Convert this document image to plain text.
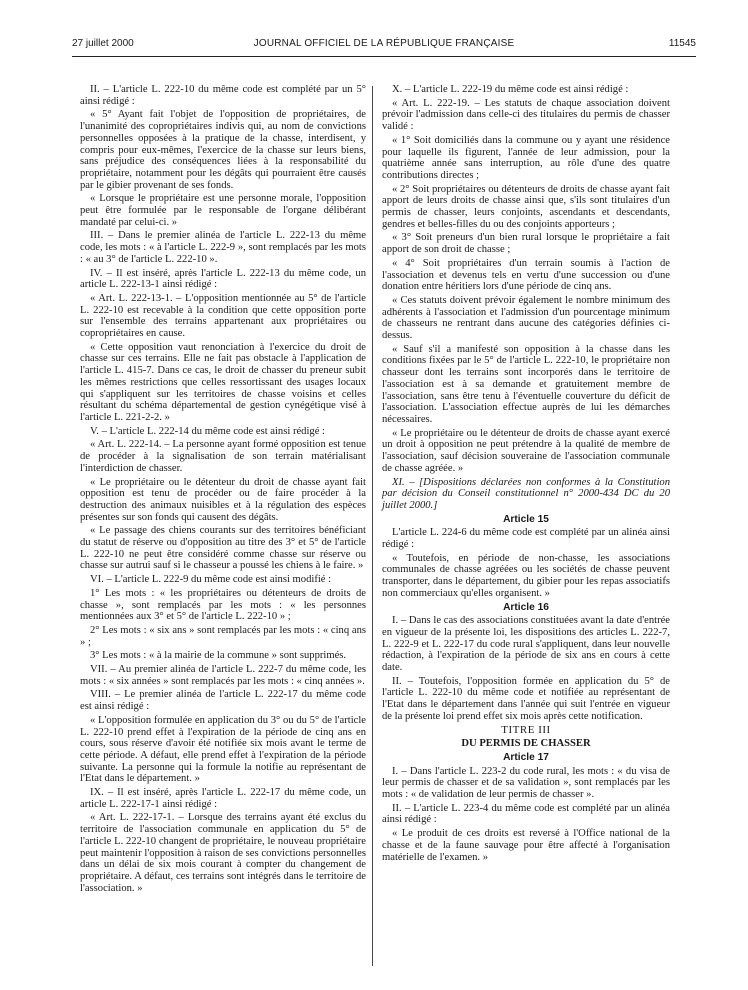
27 juillet 2000	JOURNAL OFFICIEL DE LA RÉPUBLIQUE FRANÇAISE	11545

II. – L'article L. 222-10 du même code est complété par un 5° ainsi rédigé :

« 5° Ayant fait l'objet de l'opposition de propriétaires, de l'unanimité des copropriétaires indivis qui, au nom de convictions personnelles opposées à la pratique de la chasse, interdisent, y compris pour eux-mêmes, l'exercice de la chasse sur leurs biens, sans préjudice des conséquences liées à la responsabilité du propriétaire, notamment pour les dégâts qui pourraient être causés par le gibier provenant de ses fonds.

« Lorsque le propriétaire est une personne morale, l'opposition peut être formulée par le responsable de l'organe délibérant mandaté par celui-ci. »

III. – Dans le premier alinéa de l'article L. 222-13 du même code, les mots : « à l'article L. 222-9 », sont remplacés par les mots : « au 3° de l'article L. 222-10 ».

IV. – Il est inséré, après l'article L. 222-13 du même code, un article L. 222-13-1 ainsi rédigé :

« Art. L. 222-13-1. – L'opposition mentionnée au 5° de l'article L. 222-10 est recevable à la condition que cette opposition porte sur l'ensemble des terrains appartenant aux propriétaires ou copropriétaires en cause.

« Cette opposition vaut renonciation à l'exercice du droit de chasse sur ces terrains. Elle ne fait pas obstacle à l'application de l'article L. 415-7. Dans ce cas, le droit de chasser du preneur subit les mêmes restrictions que celles ressortissant des usages locaux qui s'appliquent sur les territoires de chasse voisins et celles résultant du schéma départemental de gestion cynégétique visé à l'article L. 221-2-2. »

V. – L'article L. 222-14 du même code est ainsi rédigé :

« Art. L. 222-14. – La personne ayant formé opposition est tenue de procéder à la signalisation de son terrain matérialisant l'interdiction de chasser.

« Le propriétaire ou le détenteur du droit de chasse ayant fait opposition est tenu de procéder ou de faire procéder à la destruction des animaux nuisibles et à la régulation des espèces présentes sur son fonds qui causent des dégâts.

« Le passage des chiens courants sur des territoires bénéficiant du statut de réserve ou d'opposition au titre des 3° et 5° de l'article L. 222-10 ne peut être considéré comme chasse sur réserve ou chasse sur autrui sauf si le chasseur a poussé les chiens à le faire. »

VI. – L'article L. 222-9 du même code est ainsi modifié :

1° Les mots : « les propriétaires ou détenteurs de droits de chasse », sont remplacés par les mots : « les personnes mentionnées aux 3° et 5° de l'article L. 222-10 » ;

2° Les mots : « six ans » sont remplacés par les mots : « cinq ans » ;

3° Les mots : « à la mairie de la commune » sont supprimés.

VII. – Au premier alinéa de l'article L. 222-7 du même code, les mots : « six années » sont remplacés par les mots : « cinq années ».

VIII. – Le premier alinéa de l'article L. 222-17 du même code est ainsi rédigé :

« L'opposition formulée en application du 3° ou du 5° de l'article L. 222-10 prend effet à l'expiration de la période de cinq ans en cours, sous réserve d'avoir été notifiée six mois avant le terme de cette période. A défaut, elle prend effet à l'expiration de la période suivante. La personne qui la formule la notifie au représentant de l'Etat dans le département. »

IX. – Il est inséré, après l'article L. 222-17 du même code, un article L. 222-17-1 ainsi rédigé :

« Art. L. 222-17-1. – Lorsque des terrains ayant été exclus du territoire de l'association communale en application du 5° de l'article L. 222-10 changent de propriétaire, le nouveau propriétaire peut maintenir l'opposition à raison de ses convictions personnelles dans un délai de six mois courant à compter du changement de propriétaire. A défaut, ces terrains sont intégrés dans le territoire de l'association. »

X. – L'article L. 222-19 du même code est ainsi rédigé :

« Art. L. 222-19. – Les statuts de chaque association doivent prévoir l'admission dans celle-ci des titulaires du permis de chasser validé :

« 1° Soit domiciliés dans la commune ou y ayant une résidence pour laquelle ils figurent, l'année de leur admission, pour la quatrième année sans interruption, au rôle d'une des quatre contributions directes ;

« 2° Soit propriétaires ou détenteurs de droits de chasse ayant fait apport de leurs droits de chasse ainsi que, s'ils sont titulaires d'un permis de chasser, leurs conjoints, ascendants et descendants, gendres et belles-filles du ou des conjoints apporteurs ;

« 3° Soit preneurs d'un bien rural lorsque le propriétaire a fait apport de son droit de chasse ;

« 4° Soit propriétaires d'un terrain soumis à l'action de l'association et devenus tels en vertu d'une succession ou d'une donation entre héritiers lors d'une période de cinq ans.

« Ces statuts doivent prévoir également le nombre minimum des adhérents à l'association et l'admission d'un pourcentage minimum de chasseurs ne rentrant dans aucune des catégories définies ci-dessus.

« Sauf s'il a manifesté son opposition à la chasse dans les conditions fixées par le 5° de l'article L. 222-10, le propriétaire non chasseur dont les terrains sont incorporés dans le territoire de l'association est à sa demande et gratuitement membre de l'association, sans être tenu à l'éventuelle couverture du déficit de l'association. L'association effectue auprès de lui les démarches nécessaires.

« Le propriétaire ou le détenteur de droits de chasse ayant exercé un droit à opposition ne peut prétendre à la qualité de membre de l'association, sauf décision souveraine de l'association communale de chasse agréée. »

XI. – [Dispositions déclarées non conformes à la Constitution par décision du Conseil constitutionnel n° 2000-434 DC du 20 juillet 2000.]

Article 15

L'article L. 224-6 du même code est complété par un alinéa ainsi rédigé :

« Toutefois, en période de non-chasse, les associations communales de chasse agréées ou les sociétés de chasse peuvent transporter, dans le département, du gibier pour les repas associatifs non commerciaux qu'elles organisent. »

Article 16

I. – Dans le cas des associations constituées avant la date d'entrée en vigueur de la présente loi, les dispositions des articles L. 222-7, L. 222-9 et L. 222-17 du code rural s'appliquent, dans leur nouvelle rédaction, à l'expiration de la période de six ans en cours à cette date.

II. – Toutefois, l'opposition formée en application du 5° de l'article L. 222-10 du même code et notifiée au représentant de l'Etat dans le département dans l'année qui suit l'entrée en vigueur de la présente loi prend effet six mois après cette notification.

TITRE III

DU PERMIS DE CHASSER

Article 17

I. – Dans l'article L. 223-2 du code rural, les mots : « du visa de leur permis de chasser et de sa validation », sont remplacés par les mots : « de validation de leur permis de chasser ».

II. – L'article L. 223-4 du même code est complété par un alinéa ainsi rédigé :

« Le produit de ces droits est reversé à l'Office national de la chasse et de la faune sauvage pour être affecté à l'organisation matérielle de l'examen. »
